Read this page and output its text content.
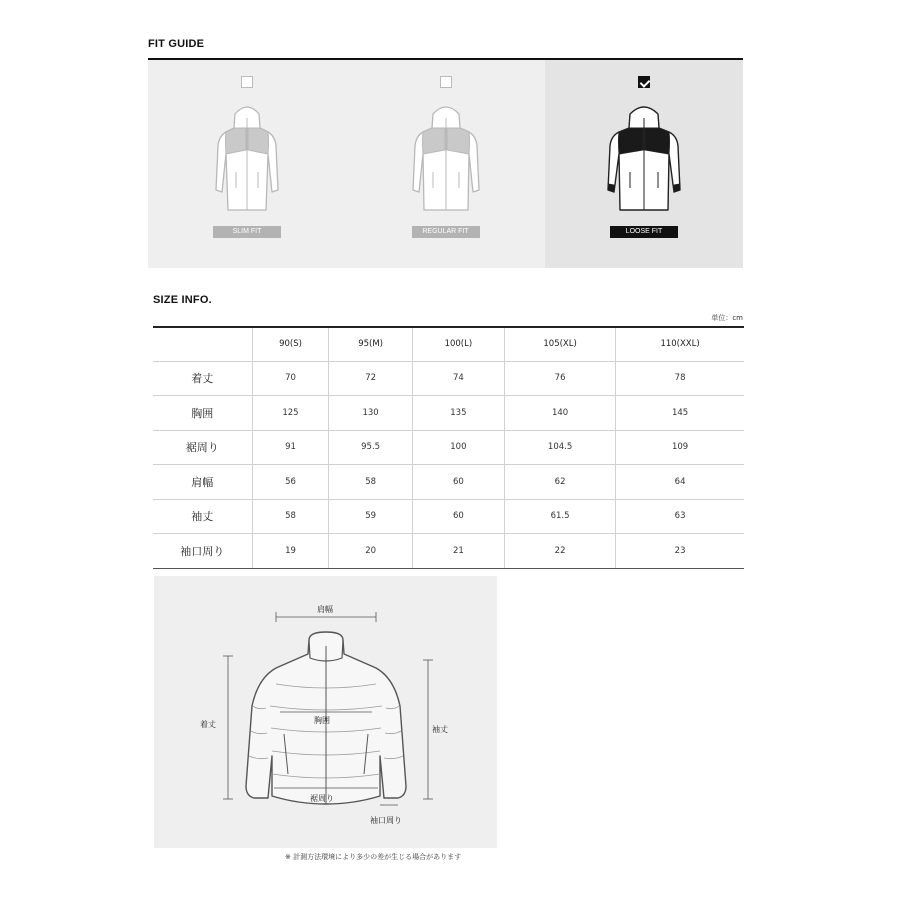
FIT GUIDE
SLIM FIT	REGULAR FIT	LOOSE FIT
SIZE INFO.
単位：cm
	90(S)	95(M)	100(L)	105(XL)	110(XXL)
着丈	70	72	74	76	78
胸囲	125	130	135	140	145
裾周り	91	95.5	100	104.5	109
肩幅	56	58	60	62	64
袖丈	58	59	60	61.5	63
袖口周り	19	20	21	22	23
肩幅
胸囲
着丈
袖丈
裾周り
袖口周り
※ 計測方法環境により多少の差が生じる場合があります
